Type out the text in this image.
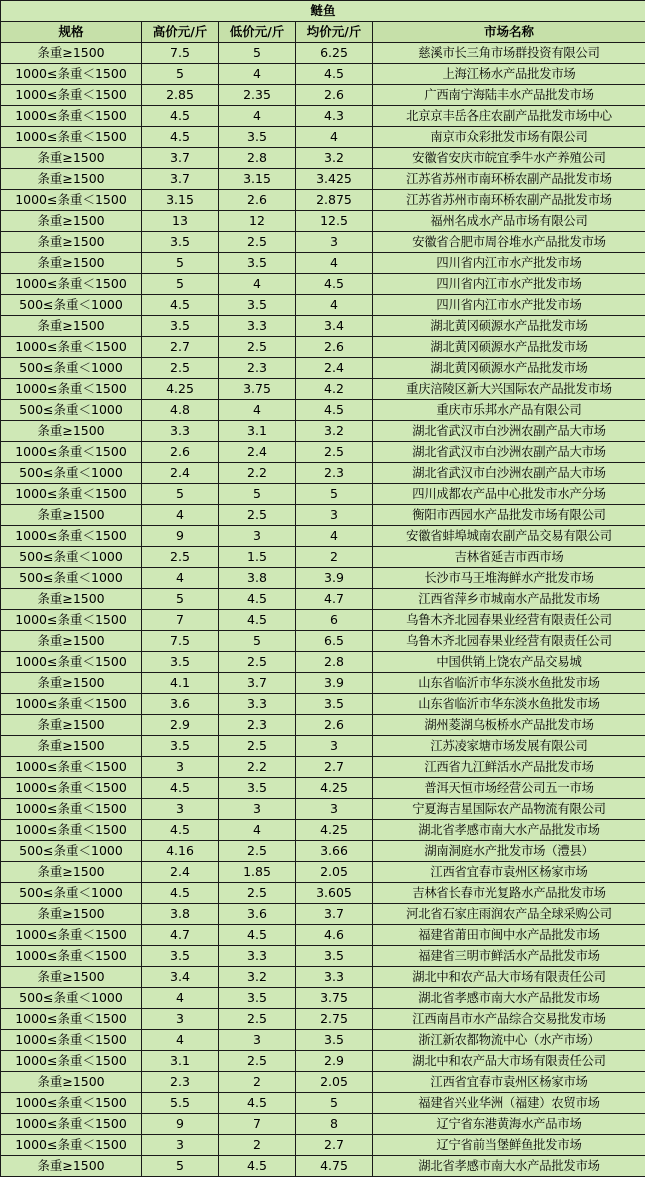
鲢鱼				
规格	高价元/斤	低价元/斤	均价元/斤	市场名称
条重≥1500	7.5	5	6.25	慈溪市长三角市场群投资有限公司
1000≤条重＜1500	5	4	4.5	上海江杨水产品批发市场
1000≤条重＜1500	2.85	2.35	2.6	广西南宁海陆丰水产品批发市场
1000≤条重＜1500	4.5	4	4.3	北京京丰岳各庄农副产品批发市场中心
1000≤条重＜1500	4.5	3.5	4	南京市众彩批发市场有限公司
条重≥1500	3.7	2.8	3.2	安徽省安庆市皖宜季牛水产养殖公司
条重≥1500	3.7	3.15	3.425	江苏省苏州市南环桥农副产品批发市场
1000≤条重＜1500	3.15	2.6	2.875	江苏省苏州市南环桥农副产品批发市场
条重≥1500	13	12	12.5	福州名成水产品市场有限公司
条重≥1500	3.5	2.5	3	安徽省合肥市周谷堆水产品批发市场
条重≥1500	5	3.5	4	四川省内江市水产批发市场
1000≤条重＜1500	5	4	4.5	四川省内江市水产批发市场
500≤条重＜1000	4.5	3.5	4	四川省内江市水产批发市场
条重≥1500	3.5	3.3	3.4	湖北黄冈硕源水产品批发市场
1000≤条重＜1500	2.7	2.5	2.6	湖北黄冈硕源水产品批发市场
500≤条重＜1000	2.5	2.3	2.4	湖北黄冈硕源水产品批发市场
1000≤条重＜1500	4.25	3.75	4.2	重庆涪陵区新大兴国际农产品批发市场
500≤条重＜1000	4.8	4	4.5	重庆市乐邦水产品有限公司
条重≥1500	3.3	3.1	3.2	湖北省武汉市白沙洲农副产品大市场
1000≤条重＜1500	2.6	2.4	2.5	湖北省武汉市白沙洲农副产品大市场
500≤条重＜1000	2.4	2.2	2.3	湖北省武汉市白沙洲农副产品大市场
1000≤条重＜1500	5	5	5	四川成都农产品中心批发市水产分场
条重≥1500	4	2.5	3	衡阳市西园水产品批发市场有限公司
1000≤条重＜1500	9	3	4	安徽省蚌埠城南农副产品交易有限公司
500≤条重＜1000	2.5	1.5	2	吉林省延吉市西市场
500≤条重＜1000	4	3.8	3.9	长沙市马王堆海鲜水产批发市场
条重≥1500	5	4.5	4.7	江西省萍乡市城南水产品批发市场
1000≤条重＜1500	7	4.5	6	乌鲁木齐北园春果业经营有限责任公司
条重≥1500	7.5	5	6.5	乌鲁木齐北园春果业经营有限责任公司
1000≤条重＜1500	3.5	2.5	2.8	中国供销上饶农产品交易城
条重≥1500	4.1	3.7	3.9	山东省临沂市华东淡水鱼批发市场
1000≤条重＜1500	3.6	3.3	3.5	山东省临沂市华东淡水鱼批发市场
条重≥1500	2.9	2.3	2.6	湖州菱湖乌板桥水产品批发市场
条重≥1500	3.5	2.5	3	江苏凌家塘市场发展有限公司
1000≤条重＜1500	3	2.2	2.7	江西省九江鲜活水产品批发市场
1000≤条重＜1500	4.5	3.5	4.25	普洱天恒市场经营公司五一市场
1000≤条重＜1500	3	3	3	宁夏海吉星国际农产品物流有限公司
1000≤条重＜1500	4.5	4	4.25	湖北省孝感市南大水产品批发市场
500≤条重＜1000	4.16	2.5	3.66	湖南洞庭水产批发市场（澧县）
条重≥1500	2.4	1.85	2.05	江西省宜春市袁州区杨家市场
500≤条重＜1000	4.5	2.5	3.605	吉林省长春市光复路水产品批发市场
条重≥1500	3.8	3.6	3.7	河北省石家庄雨润农产品全球采购公司
1000≤条重＜1500	4.7	4.5	4.6	福建省莆田市闽中水产品批发市场
1000≤条重＜1500	3.5	3.3	3.5	福建省三明市鲜活水产品批发市场
条重≥1500	3.4	3.2	3.3	湖北中和农产品大市场有限责任公司
500≤条重＜1000	4	3.5	3.75	湖北省孝感市南大水产品批发市场
1000≤条重＜1500	3	2.5	2.75	江西南昌市水产品综合交易批发市场
1000≤条重＜1500	4	3	3.5	浙江新农都物流中心（水产市场）
1000≤条重＜1500	3.1	2.5	2.9	湖北中和农产品大市场有限责任公司
条重≥1500	2.3	2	2.05	江西省宜春市袁州区杨家市场
1000≤条重＜1500	5.5	4.5	5	福建省兴业华洲（福建）农贸市场
1000≤条重＜1500	9	7	8	辽宁省东港黄海水产品市场
1000≤条重＜1500	3	2	2.7	辽宁省前当堡鲜鱼批发市场
条重≥1500	5	4.5	4.75	湖北省孝感市南大水产品批发市场
